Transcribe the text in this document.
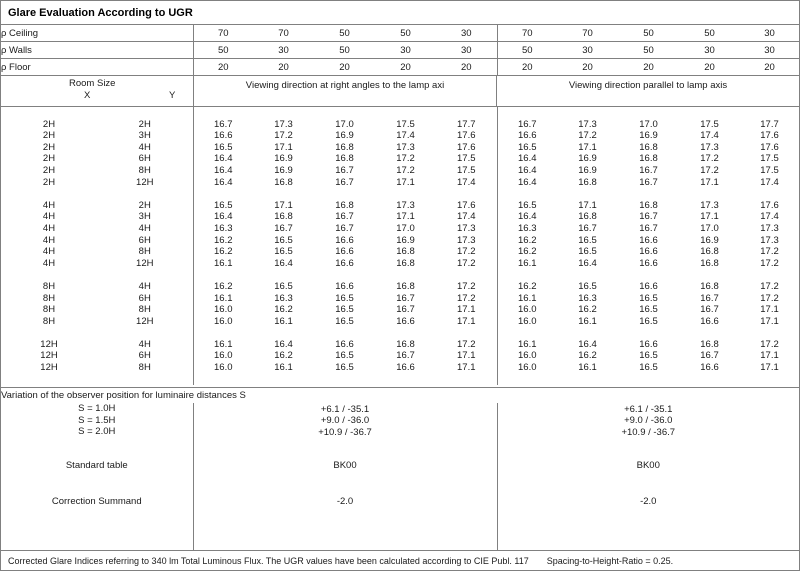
Glare Evaluation According to UGR
ρ Ceiling	70	70	50	50	30	70	70	50	50	30
ρ Walls	50	30	50	30	30	50	30	50	30	30
ρ Floor	20	20	20	20	20	20	20	20	20	20
Room Size
X	Y
Viewing direction at right angles to the lamp axi	Viewing direction parallel to lamp axis

2H	2H	16.7	17.3	17.0	17.5	17.7	16.7	17.3	17.0	17.5	17.7
2H	3H	16.6	17.2	16.9	17.4	17.6	16.6	17.2	16.9	17.4	17.6
2H	4H	16.5	17.1	16.8	17.3	17.6	16.5	17.1	16.8	17.3	17.6
2H	6H	16.4	16.9	16.8	17.2	17.5	16.4	16.9	16.8	17.2	17.5
2H	8H	16.4	16.9	16.7	17.2	17.5	16.4	16.9	16.7	17.2	17.5
2H	12H	16.4	16.8	16.7	17.1	17.4	16.4	16.8	16.7	17.1	17.4

4H	2H	16.5	17.1	16.8	17.3	17.6	16.5	17.1	16.8	17.3	17.6
4H	3H	16.4	16.8	16.7	17.1	17.4	16.4	16.8	16.7	17.1	17.4
4H	4H	16.3	16.7	16.7	17.0	17.3	16.3	16.7	16.7	17.0	17.3
4H	6H	16.2	16.5	16.6	16.9	17.3	16.2	16.5	16.6	16.9	17.3
4H	8H	16.2	16.5	16.6	16.8	17.2	16.2	16.5	16.6	16.8	17.2
4H	12H	16.1	16.4	16.6	16.8	17.2	16.1	16.4	16.6	16.8	17.2

8H	4H	16.2	16.5	16.6	16.8	17.2	16.2	16.5	16.6	16.8	17.2
8H	6H	16.1	16.3	16.5	16.7	17.2	16.1	16.3	16.5	16.7	17.2
8H	8H	16.0	16.2	16.5	16.7	17.1	16.0	16.2	16.5	16.7	17.1
8H	12H	16.0	16.1	16.5	16.6	17.1	16.0	16.1	16.5	16.6	17.1

12H	4H	16.1	16.4	16.6	16.8	17.2	16.1	16.4	16.6	16.8	17.2
12H	6H	16.0	16.2	16.5	16.7	17.1	16.0	16.2	16.5	16.7	17.1
12H	8H	16.0	16.1	16.5	16.6	17.1	16.0	16.1	16.5	16.6	17.1

Variation of the observer position for luminaire distances S
S = 1.0H	+6.1 / -35.1	+6.1 / -35.1
S = 1.5H	+9.0 / -36.0	+9.0 / -36.0
S = 2.0H	+10.9 / -36.7	+10.9 / -36.7

Standard table	BK00	BK00
Correction Summand	-2.0	-2.0

Corrected Glare Indices referring to 340 lm Total Luminous Flux. The UGR values have been calculated according to CIE Publ. 117 Spacing-to-Height-Ratio = 0.25.
